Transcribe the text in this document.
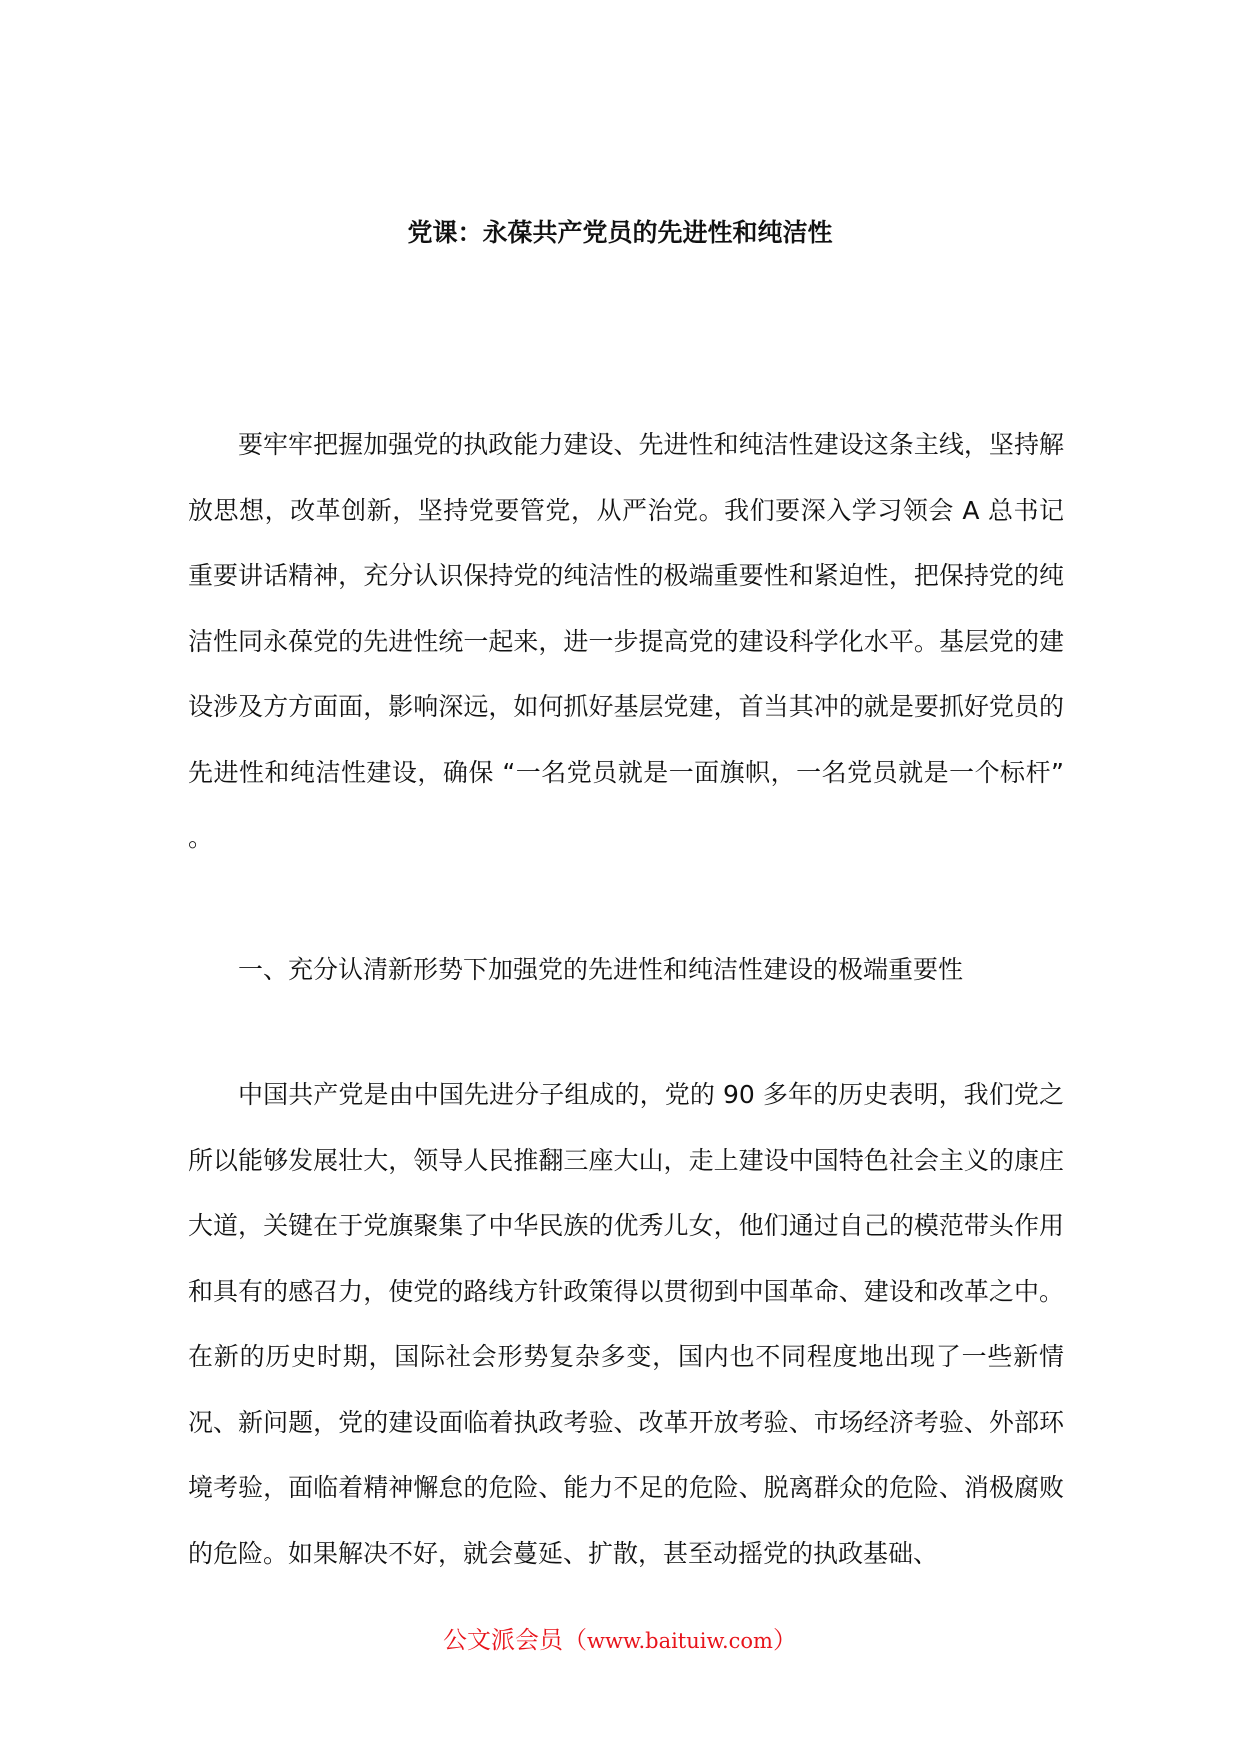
党课：永葆共产党员的先进性和纯洁性

要牢牢把握加强党的执政能力建设、先进性和纯洁性建设这条主线，坚持解放思想，改革创新，坚持党要管党，从严治党。我们要深入学习领会 A 总书记重要讲话精神，充分认识保持党的纯洁性的极端重要性和紧迫性，把保持党的纯洁性同永葆党的先进性统一起来，进一步提高党的建设科学化水平。基层党的建设涉及方方面面，影响深远，如何抓好基层党建，首当其冲的就是要抓好党员的先进性和纯洁性建设，确保 “一名党员就是一面旗帜，一名党员就是一个标杆” 。

一、充分认清新形势下加强党的先进性和纯洁性建设的极端重要性

中国共产党是由中国先进分子组成的，党的 90 多年的历史表明，我们党之所以能够发展壮大，领导人民推翻三座大山，走上建设中国特色社会主义的康庄大道，关键在于党旗聚集了中华民族的优秀儿女，他们通过自己的模范带头作用和具有的感召力，使党的路线方针政策得以贯彻到中国革命、建设和改革之中。在新的历史时期，国际社会形势复杂多变，国内也不同程度地出现了一些新情况、新问题，党的建设面临着执政考验、改革开放考验、市场经济考验、外部环境考验，面临着精神懈怠的危险、能力不足的危险、脱离群众的危险、消极腐败的危险。如果解决不好，就会蔓延、扩散，甚至动摇党的执政基础、

公文派会员（www.baituiw.com）
